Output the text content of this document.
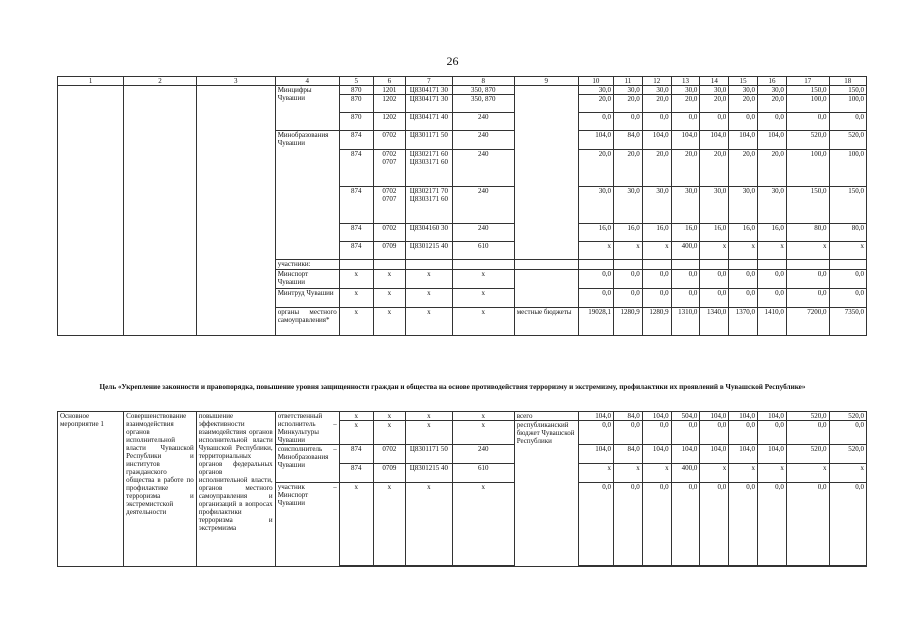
26
1	2	3	4	5	6	7	8	9	10	11	12	13	14	15	16	17	18
			Минцифры Чувашии	870	1201	Ц8304171 30	350, 870		30,0	30,0	30,0	30,0	30,0	30,0	30,0	150,0	150,0
				870	1202	Ц8304171 30	350, 870		20,0	20,0	20,0	20,0	20,0	20,0	20,0	100,0	100,0
				870	1202	Ц8304171 40	240		0,0	0,0	0,0	0,0	0,0	0,0	0,0	0,0	0,0
			Минобразования Чувашии	874	0702	Ц8301171 50	240		104,0	84,0	104,0	104,0	104,0	104,0	104,0	520,0	520,0
				874	0702 0707	Ц8302171 60 Ц8303171 60	240		20,0	20,0	20,0	20,0	20,0	20,0	20,0	100,0	100,0
				874	0702 0707	Ц8302171 70 Ц8303171 60	240		30,0	30,0	30,0	30,0	30,0	30,0	30,0	150,0	150,0
				874	0702	Ц8304160 30	240		16,0	16,0	16,0	16,0	16,0	16,0	16,0	80,0	80,0
				874	0709	Ц8301215 40	610		x	x	x	400,0	x	x	x	x	x
			участники:														
			Минспорт Чувашии	x	x	x	x		0,0	0,0	0,0	0,0	0,0	0,0	0,0	0,0	0,0
			Минтруд Чувашии	x	x	x	x		0,0	0,0	0,0	0,0	0,0	0,0	0,0	0,0	0,0
			органы местного самоуправления*	x	x	x	x	местные бюджеты	19028,1	1280,9	1280,9	1310,0	1340,0	1370,0	1410,0	7200,0	7350,0
Цель «Укрепление законности и правопорядка, повышение уровня защищенности граждан и общества на основе противодействия терроризму и экстремизму, профилактики их проявлений в Чувашской Республике»
Основное мероприятие 1	Совершенствование взаимодействия органов исполнительной власти Чувашской Республики и институтов гражданского общества в работе по профилактике терроризма и экстремистской деятельности	повышение эффективности взаимодействия органов исполнительной власти Чувашской Республики, территориальных органов федеральных органов исполнительной власти, органов местного самоуправления и организаций в вопросах профилактики терроризма и экстремизма	ответственный исполнитель – Минкультуры Чувашии	x	x	x	x	всего	104,0	84,0	104,0	504,0	104,0	104,0	104,0	520,0	520,0
				x	x	x	x	республиканский бюджет Чувашской Республики	0,0	0,0	0,0	0,0	0,0	0,0	0,0	0,0	0,0
			соисполнитель – Минобразования Чувашии	874	0702	Ц8301171 50	240		104,0	84,0	104,0	104,0	104,0	104,0	104,0	520,0	520,0
				874	0709	Ц8301215 40	610		x	x	x	400,0	x	x	x	x	x
			участник – Минспорт Чувашии	x	x	x	x		0,0	0,0	0,0	0,0	0,0	0,0	0,0	0,0	0,0
